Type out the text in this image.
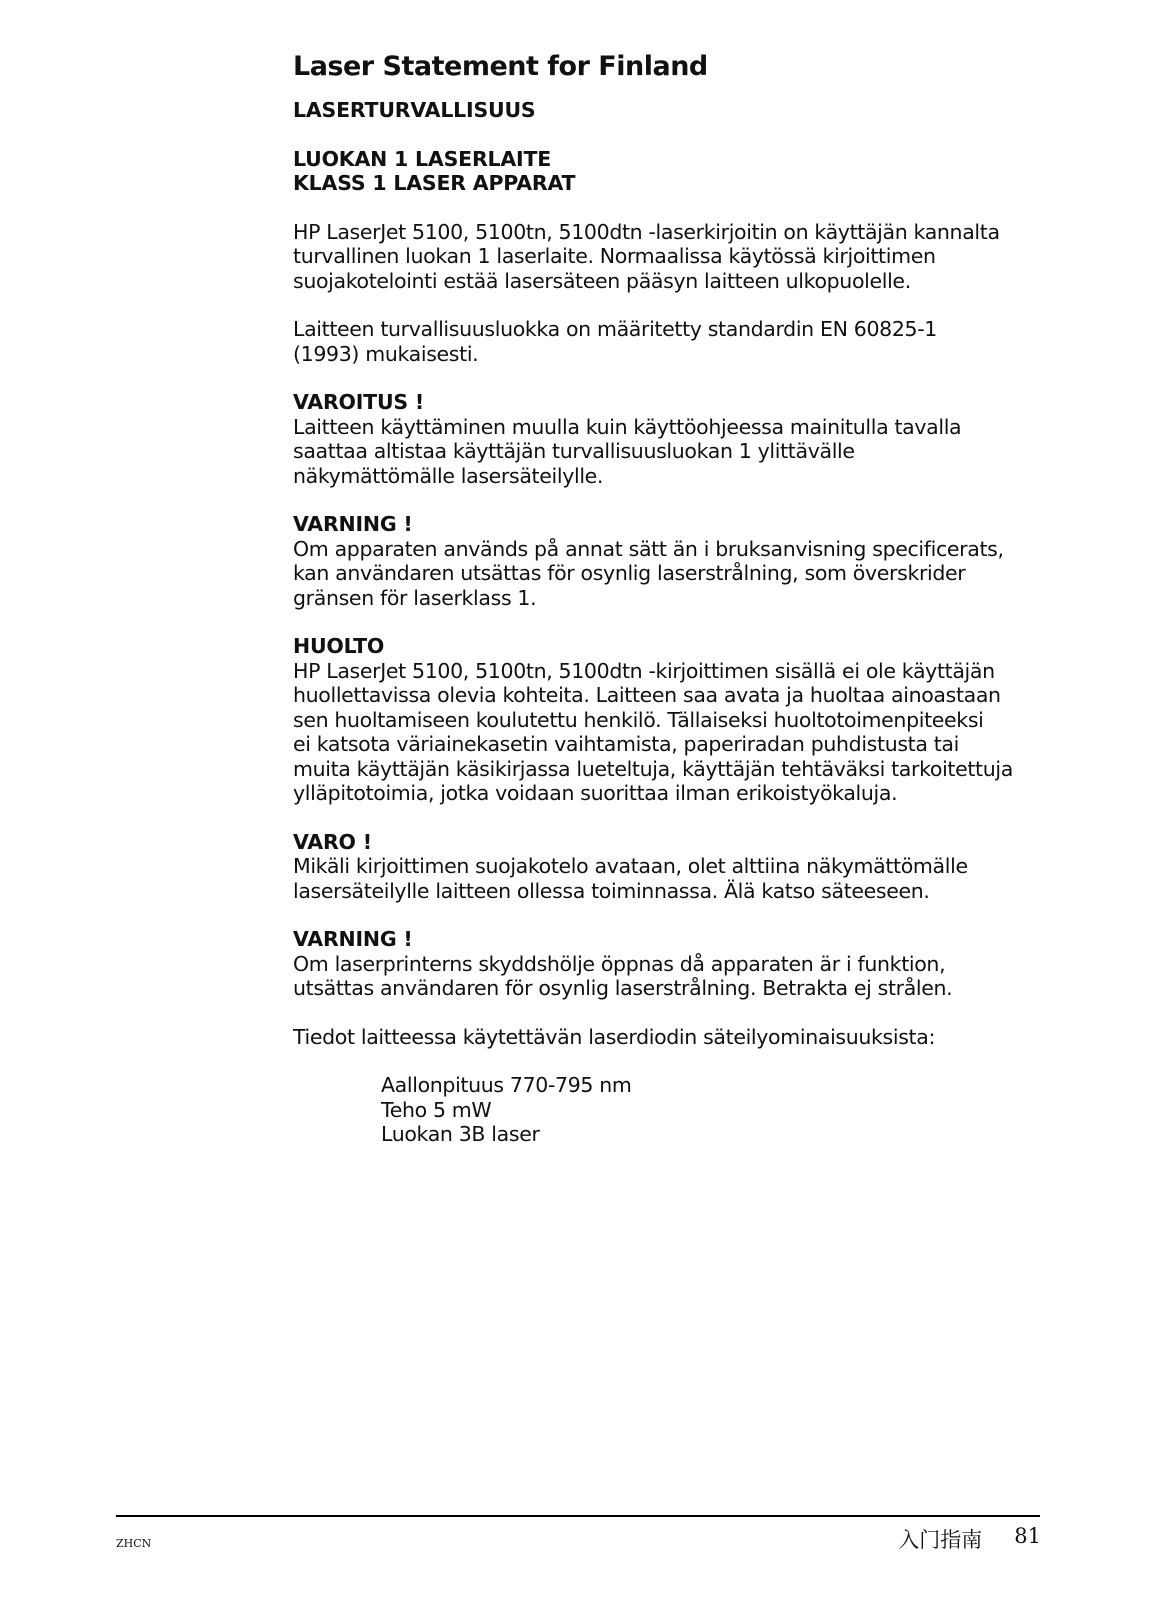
Laser Statement for Finland
LASERTURVALLISUUS
LUOKAN 1 LASERLAITE
KLASS 1 LASER APPARAT
HP LaserJet 5100, 5100tn, 5100dtn -laserkirjoitin on käyttäjän kannalta
turvallinen luokan 1 laserlaite. Normaalissa käytössä kirjoittimen
suojakotelointi estää lasersäteen pääsyn laitteen ulkopuolelle.
Laitteen turvallisuusluokka on määritetty standardin EN 60825-1
(1993) mukaisesti.
VAROITUS !
Laitteen käyttäminen muulla kuin käyttöohjeessa mainitulla tavalla
saattaa altistaa käyttäjän turvallisuusluokan 1 ylittävälle
näkymättömälle lasersäteilylle.
VARNING !
Om apparaten används på annat sätt än i bruksanvisning specificerats,
kan användaren utsättas för osynlig laserstrålning, som överskrider
gränsen för laserklass 1.
HUOLTO
HP LaserJet 5100, 5100tn, 5100dtn -kirjoittimen sisällä ei ole käyttäjän
huollettavissa olevia kohteita. Laitteen saa avata ja huoltaa ainoastaan
sen huoltamiseen koulutettu henkilö. Tällaiseksi huoltotoimenpiteeksi
ei katsota väriainekasetin vaihtamista, paperiradan puhdistusta tai
muita käyttäjän käsikirjassa lueteltuja, käyttäjän tehtäväksi tarkoitettuja
ylläpitotoimia, jotka voidaan suorittaa ilman erikoistyökaluja.
VARO !
Mikäli kirjoittimen suojakotelo avataan, olet alttiina näkymättömälle
lasersäteilylle laitteen ollessa toiminnassa. Älä katso säteeseen.
VARNING !
Om laserprinterns skyddshölje öppnas då apparaten är i funktion,
utsättas användaren för osynlig laserstrålning. Betrakta ej strålen.
Tiedot laitteessa käytettävän laserdiodin säteilyominaisuuksista:
Aallonpituus 770-795 nm
Teho 5 mW
Luokan 3B laser
ZHCN	入门指南 81
